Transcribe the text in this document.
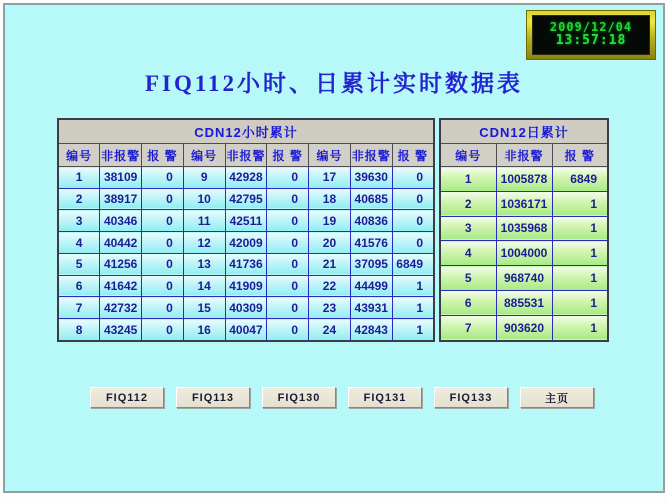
2009/12/04
13:57:18
FIQ112小时、日累计实时数据表
CDN12小时累计								
编号	非报警	报 警	编号	非报警	报 警	编号	非报警	报 警
1	38109	0	9	42928	0	17	39630	0
2	38917	0	10	42795	0	18	40685	0
3	40346	0	11	42511	0	19	40836	0
4	40442	0	12	42009	0	20	41576	0
5	41256	0	13	41736	0	21	37095	6849
6	41642	0	14	41909	0	22	44499	1
7	42732	0	15	40309	0	23	43931	1
8	43245	0	16	40047	0	24	42843	1
CDN12日累计		
编号	非报警	报 警
1	1005878	6849
2	1036171	1
3	1035968	1
4	1004000	1
5	968740	1
6	885531	1
7	903620	1
FIQ112	FIQ113	FIQ130	FIQ131	FIQ133	主页
